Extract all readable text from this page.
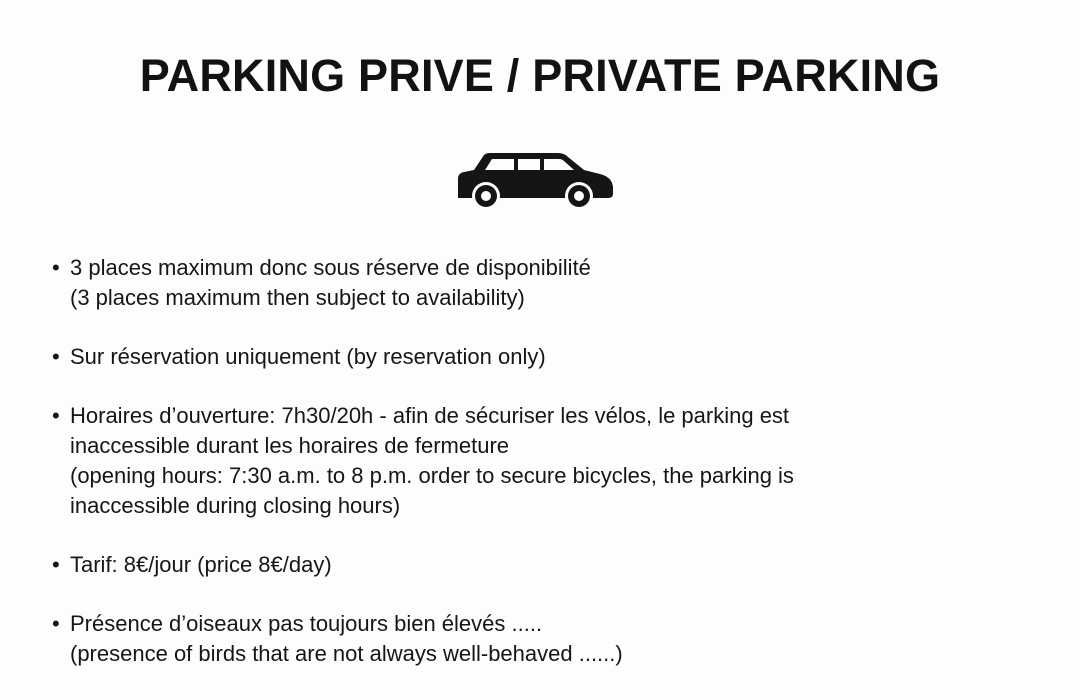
PARKING PRIVE / PRIVATE PARKING
• 3 places maximum donc sous réserve de disponibilité
(3 places maximum then subject to availability)
• Sur réservation uniquement (by reservation only)
• Horaires d’ouverture: 7h30/20h - afin de sécuriser les vélos, le parking est
inaccessible durant les horaires de fermeture
(opening hours: 7:30 a.m. to 8 p.m. order to secure bicycles, the parking is
inaccessible during closing hours)
• Tarif: 8€/jour (price 8€/day)
• Présence d’oiseaux pas toujours bien élevés .....
(presence of birds that are not always well-behaved ......)
